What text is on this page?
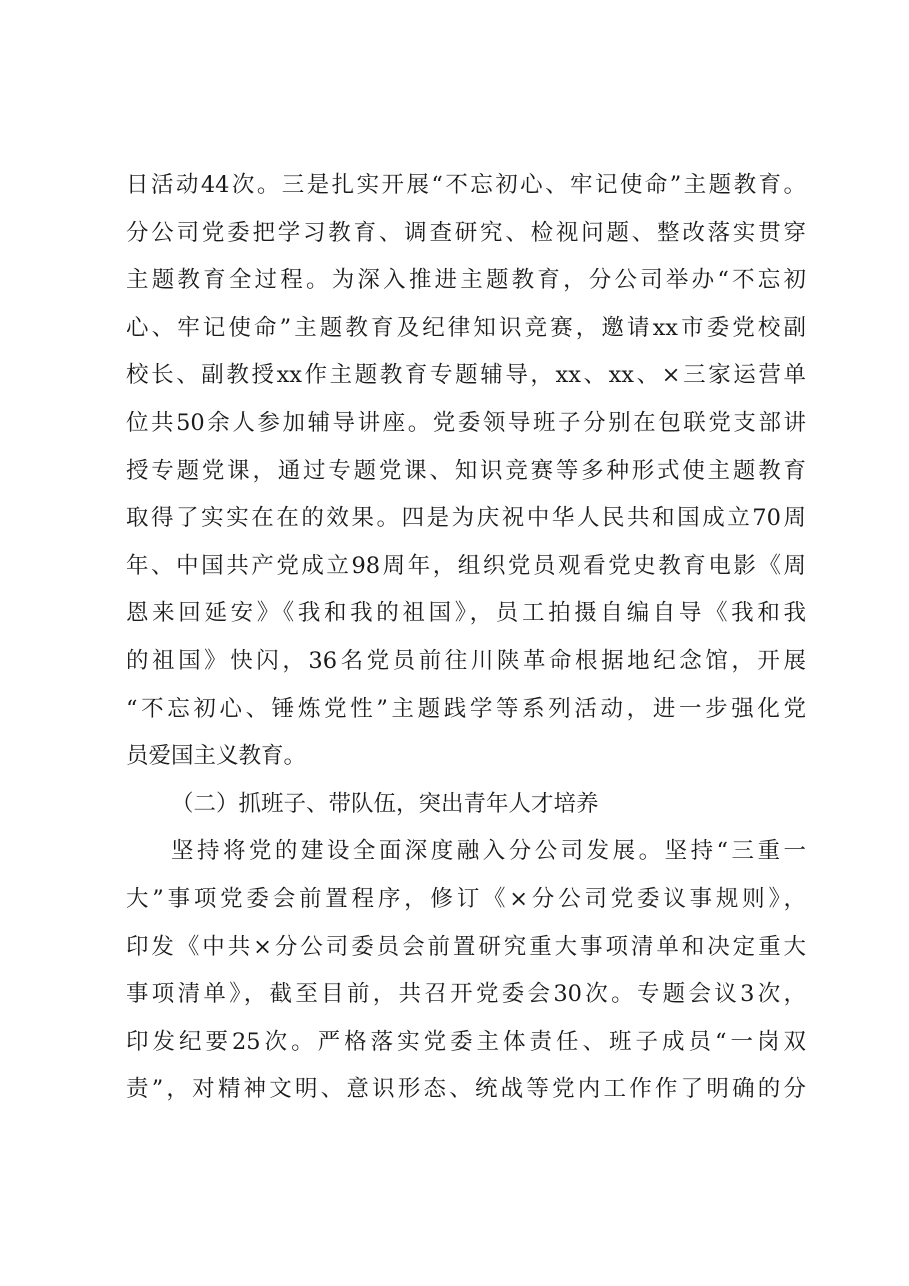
日活动44次。三是扎实开展“不忘初心、牢记使命”主题教育。
分公司党委把学习教育、调查研究、检视问题、整改落实贯穿
主题教育全过程。为深入推进主题教育，分公司举办“不忘初
心、牢记使命”主题教育及纪律知识竞赛，邀请xx市委党校副
校长、副教授xx作主题教育专题辅导，xx、xx、×三家运营单
位共50余人参加辅导讲座。党委领导班子分别在包联党支部讲
授专题党课，通过专题党课、知识竞赛等多种形式使主题教育
取得了实实在在的效果。四是为庆祝中华人民共和国成立70周
年、中国共产党成立98周年，组织党员观看党史教育电影《周
恩来回延安》《我和我的祖国》，员工拍摄自编自导《我和我
的祖国》快闪，36名党员前往川陕革命根据地纪念馆，开展
“不忘初心、锤炼党性”主题践学等系列活动，进一步强化党
员爱国主义教育。
（二）抓班子、带队伍，突出青年人才培养
坚持将党的建设全面深度融入分公司发展。坚持“三重一
大”事项党委会前置程序，修订《×分公司党委议事规则》，
印发《中共×分公司委员会前置研究重大事项清单和决定重大
事项清单》，截至目前，共召开党委会30次。专题会议3次，
印发纪要25次。严格落实党委主体责任、班子成员“一岗双
责”，对精神文明、意识形态、统战等党内工作作了明确的分
